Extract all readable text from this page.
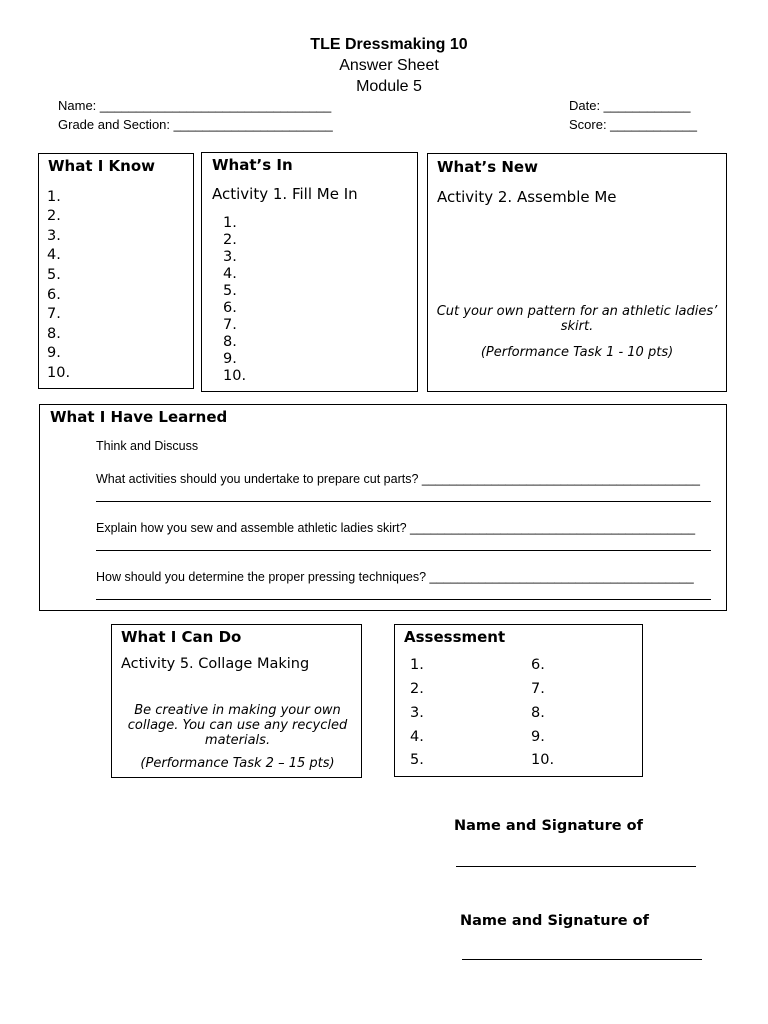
TLE Dressmaking 10
Answer Sheet
Module 5
Name: ________________________________
Grade and Section: ______________________
Date: ____________
Score: ____________
What I Know
1.
2.
3.
4.
5.
6.
7.
8.
9.
10.
What’s In
Activity 1. Fill Me In
1.
2.
3.
4.
5.
6.
7.
8.
9.
10.
What’s New
Activity 2. Assemble Me
Cut your own pattern for an athletic ladies’ skirt.
(Performance Task 1 - 10 pts)
What I Have Learned
Think and Discuss
What activities should you undertake to prepare cut parts? ________________________________________
Explain how you sew and assemble athletic ladies skirt? _________________________________________
How should you determine the proper pressing techniques? ______________________________________
What I Can Do
Activity 5. Collage Making
Be creative in making your own collage. You can use any recycled materials.
(Performance Task 2 – 15 pts)
Assessment
1.
2.
3.
4.
5.
6.
7.
8.
9.
10.
Name and Signature of
Name and Signature of
